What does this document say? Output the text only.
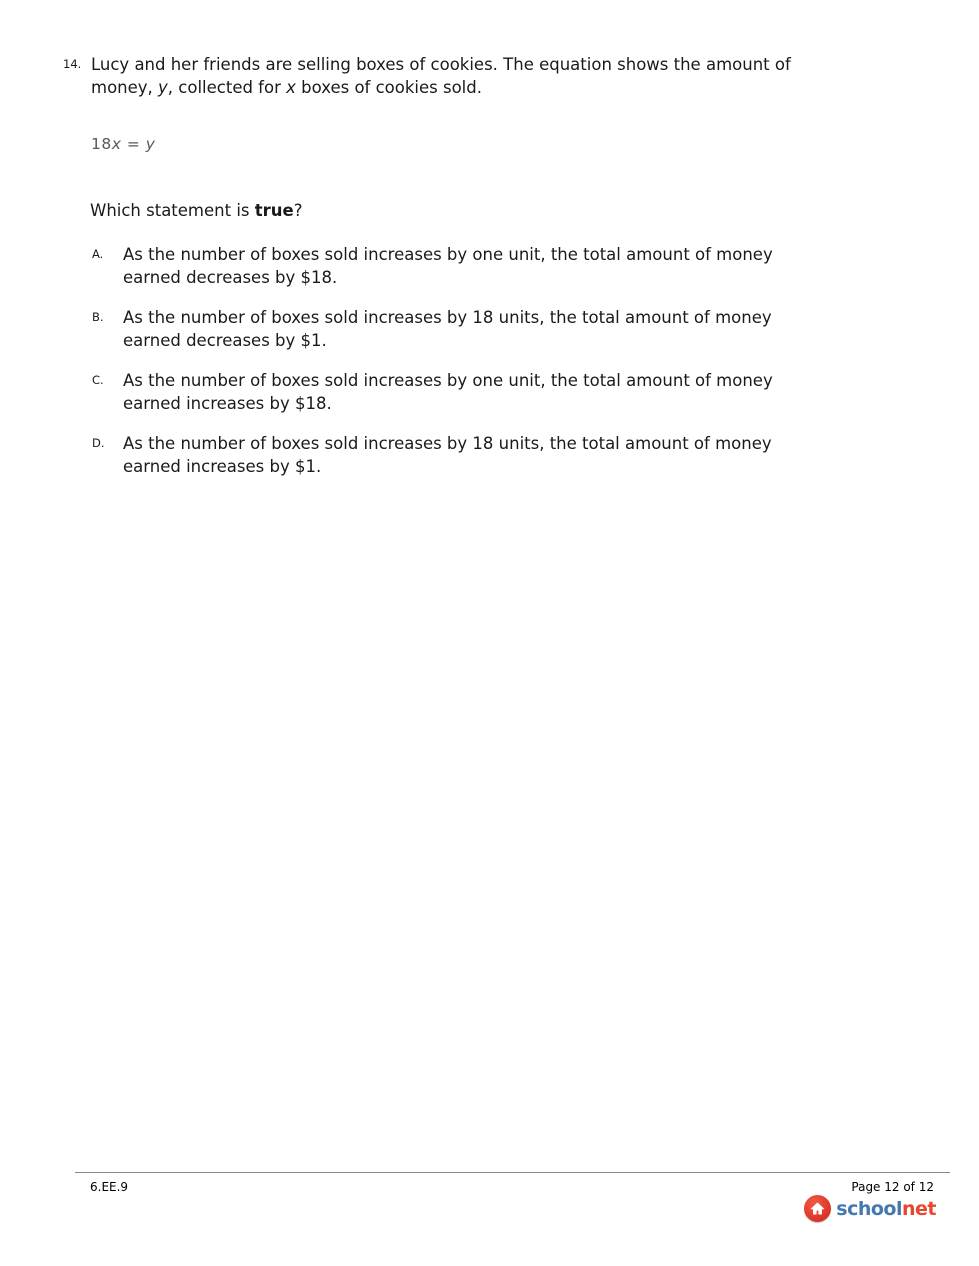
14. Lucy and her friends are selling boxes of cookies. The equation shows the amount of money, y, collected for x boxes of cookies sold.

18x = y

Which statement is true?

A.	As the number of boxes sold increases by one unit, the total amount of money earned decreases by $18.

B.	As the number of boxes sold increases by 18 units, the total amount of money earned decreases by $1.

C.	As the number of boxes sold increases by one unit, the total amount of money earned increases by $18.

D.	As the number of boxes sold increases by 18 units, the total amount of money earned increases by $1.

6.EE.9	Page 12 of 12
school net
